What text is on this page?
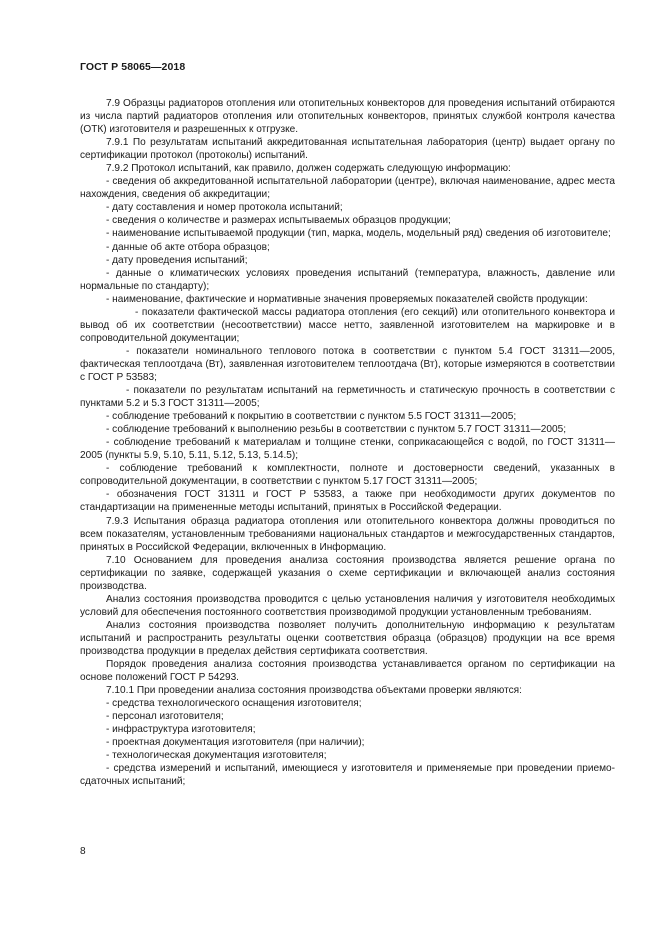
ГОСТ Р 58065—2018

7.9 Образцы радиаторов отопления или отопительных конвекторов для проведения испытаний отбираются из числа партий радиаторов отопления или отопительных конвекторов, принятых службой контроля качества (ОТК) изготовителя и разрешенных к отгрузке.

7.9.1 По результатам испытаний аккредитованная испытательная лаборатория (центр) выдает органу по сертификации протокол (протоколы) испытаний.

7.9.2 Протокол испытаний, как правило, должен содержать следующую информацию:

- сведения об аккредитованной испытательной лаборатории (центре), включая наименование, адрес места нахождения, сведения об аккредитации;

- дату составления и номер протокола испытаний;

- сведения о количестве и размерах испытываемых образцов продукции;

- наименование испытываемой продукции (тип, марка, модель, модельный ряд) сведения об изготовителе;

- данные об акте отбора образцов;

- дату проведения испытаний;

- данные о климатических условиях проведения испытаний (температура, влажность, давление или нормальные по стандарту);

- наименование, фактические и нормативные значения проверяемых показателей свойств продукции:

- показатели фактической массы радиатора отопления (его секций) или отопительного конвектора и вывод об их соответствии (несоответствии) массе нетто, заявленной изготовителем на маркировке и в сопроводительной документации;

- показатели номинального теплового потока в соответствии с пунктом 5.4 ГОСТ 31311—2005, фактическая теплоотдача (Вт), заявленная изготовителем теплоотдача (Вт), которые измеряются в соответствии с ГОСТ Р 53583;

- показатели по результатам испытаний на герметичность и статическую прочность в соответствии с пунктами 5.2 и 5.3 ГОСТ 31311—2005;

- соблюдение требований к покрытию в соответствии с пунктом 5.5 ГОСТ 31311—2005;

- соблюдение требований к выполнению резьбы в соответствии с пунктом 5.7 ГОСТ 31311—2005;

- соблюдение требований к материалам и толщине стенки, соприкасающейся с водой, по ГОСТ 31311—2005 (пункты 5.9, 5.10, 5.11, 5.12, 5.13, 5.14.5);

- соблюдение требований к комплектности, полноте и достоверности сведений, указанных в сопроводительной документации, в соответствии с пунктом 5.17 ГОСТ 31311—2005;

- обозначения ГОСТ 31311 и ГОСТ Р 53583, а также при необходимости других документов по стандартизации на примененные методы испытаний, принятых в Российской Федерации.

7.9.3 Испытания образца радиатора отопления или отопительного конвектора должны проводиться по всем показателям, установленным требованиями национальных стандартов и межгосударственных стандартов, принятых в Российской Федерации, включенных в Информацию.

7.10 Основанием для проведения анализа состояния производства является решение органа по сертификации по заявке, содержащей указания о схеме сертификации и включающей анализ состояния производства.

Анализ состояния производства проводится с целью установления наличия у изготовителя необходимых условий для обеспечения постоянного соответствия производимой продукции установленным требованиям.

Анализ состояния производства позволяет получить дополнительную информацию к результатам испытаний и распространить результаты оценки соответствия образца (образцов) продукции на все время производства продукции в пределах действия сертификата соответствия.

Порядок проведения анализа состояния производства устанавливается органом по сертификации на основе положений ГОСТ Р 54293.

7.10.1 При проведении анализа состояния производства объектами проверки являются:

- средства технологического оснащения изготовителя;

- персонал изготовителя;

- инфраструктура изготовителя;

- проектная документация изготовителя (при наличии);

- технологическая документация изготовителя;

- средства измерений и испытаний, имеющиеся у изготовителя и применяемые при проведении приемо-сдаточных испытаний;

8
